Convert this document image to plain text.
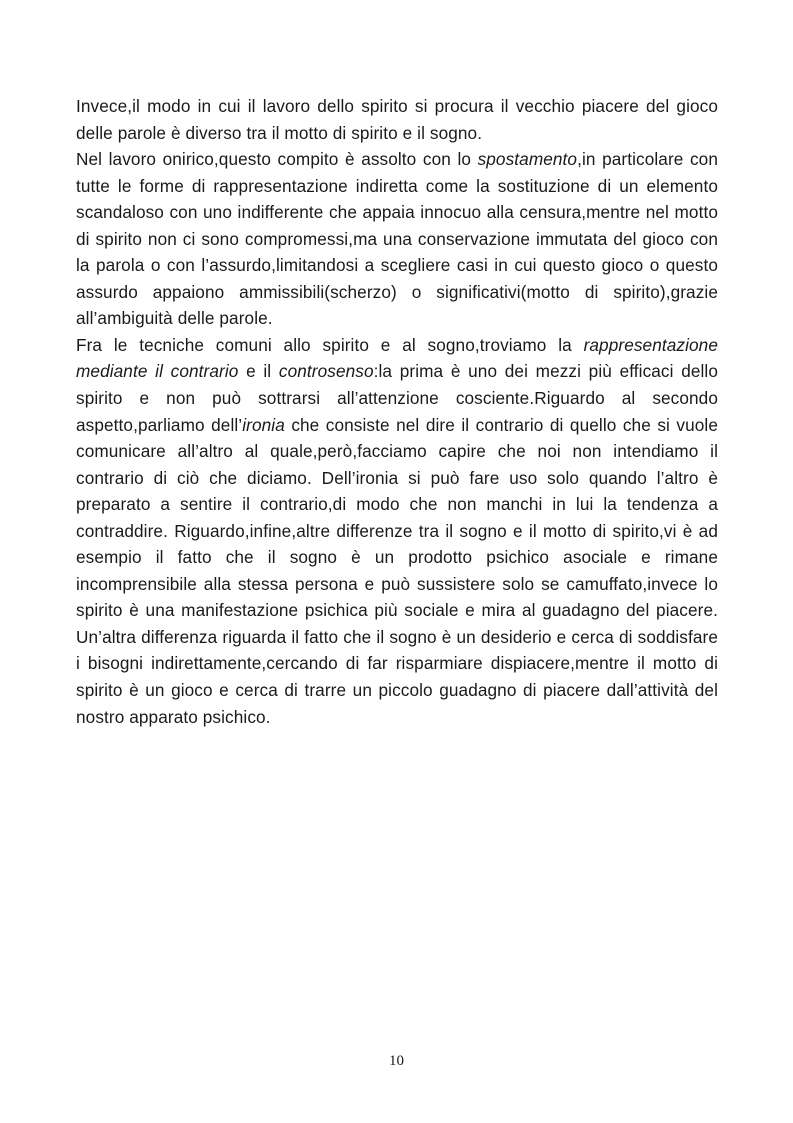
Invece,il modo in cui il lavoro dello spirito si procura il vecchio piacere del gioco delle parole è diverso tra il motto di spirito e il sogno.

Nel lavoro onirico,questo compito è assolto con lo spostamento,in particolare con tutte le forme di rappresentazione indiretta come la sostituzione di un elemento scandaloso con uno indifferente che appaia innocuo alla censura,mentre nel motto di spirito non ci sono compromessi,ma una conservazione immutata del gioco con la parola o con l’assurdo,limitandosi a scegliere casi in cui questo gioco o questo assurdo appaiono ammissibili(scherzo) o significativi(motto di spirito),grazie all’ambiguità delle parole.

Fra le tecniche comuni allo spirito e al sogno,troviamo la rappresentazione mediante il contrario e il controsenso:la prima è uno dei mezzi più efficaci dello spirito e non può sottrarsi all’attenzione cosciente.Riguardo al secondo aspetto,parliamo dell’ironia che consiste nel dire il contrario di quello che si vuole comunicare all’altro al quale,però,facciamo capire che noi non intendiamo il contrario di ciò che diciamo. Dell’ironia si può fare uso solo quando l’altro è preparato a sentire il contrario,di modo che non manchi in lui la tendenza a contraddire. Riguardo,infine,altre differenze tra il sogno e il motto di spirito,vi è ad esempio il fatto che il sogno è un prodotto psichico asociale e rimane incomprensibile alla stessa persona e può sussistere solo se camuffato,invece lo spirito è una manifestazione psichica più sociale e mira al guadagno del piacere. Un’altra differenza riguarda il fatto che il sogno è un desiderio e cerca di soddisfare i bisogni indirettamente,cercando di far risparmiare dispiacere,mentre il motto di spirito è un gioco e cerca di trarre un piccolo guadagno di piacere dall’attività del nostro apparato psichico.

10
